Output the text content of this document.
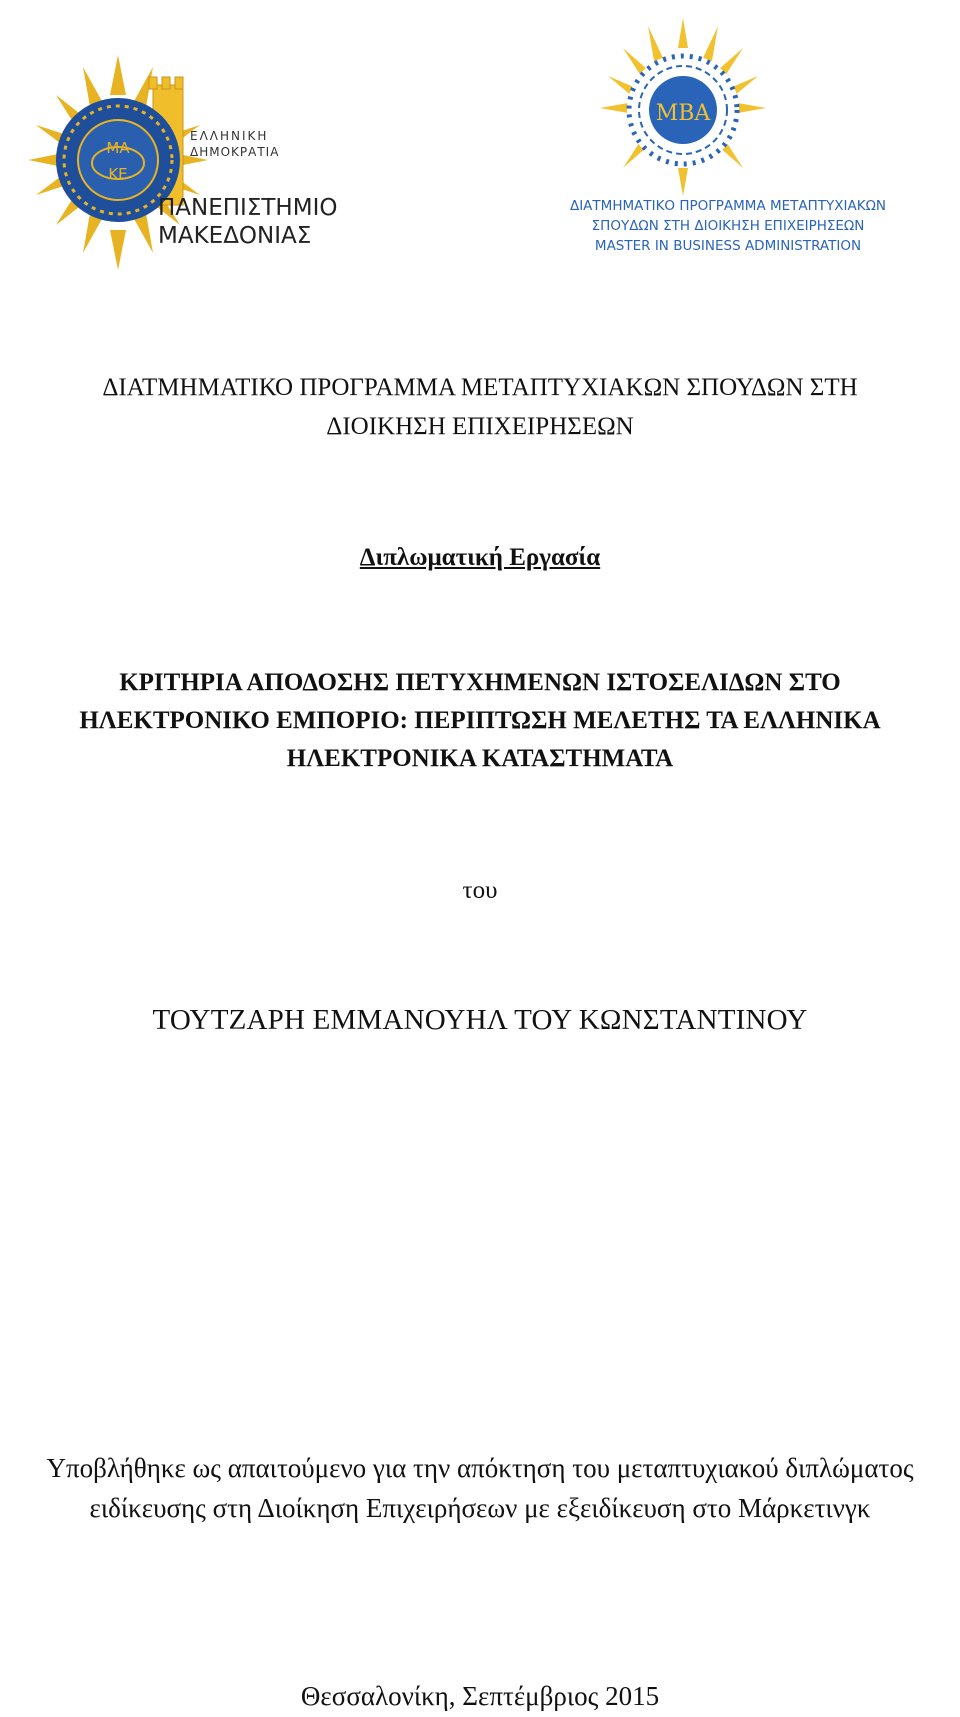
ΜΑ
ΚΕ
ΕΛΛΗΝΙΚΗ
ΔΗΜΟΚΡΑΤΙΑ
ΠΑΝΕΠΙΣΤΗΜΙΟ
ΜΑΚΕΔΟΝΙΑΣ
MBA
ΔΙΑΤΜΗΜΑΤΙΚΟ ΠΡΟΓΡΑΜΜΑ ΜΕΤΑΠΤΥΧΙΑΚΩΝ
ΣΠΟΥΔΩΝ ΣΤΗ ΔΙΟΙΚΗΣΗ ΕΠΙΧΕΙΡΗΣΕΩΝ
MASTER IN BUSINESS ADMINISTRATION
ΔΙΑΤΜΗΜΑΤΙΚΟ ΠΡΟΓΡΑΜΜΑ ΜΕΤΑΠΤΥΧΙΑΚΩΝ ΣΠΟΥΔΩΝ ΣΤΗ
ΔΙΟΙΚΗΣΗ ΕΠΙΧΕΙΡΗΣΕΩΝ
Διπλωματική Εργασία
ΚΡΙΤΗΡΙΑ ΑΠΟΔΟΣΗΣ ΠΕΤΥΧΗΜΕΝΩΝ ΙΣΤΟΣΕΛΙΔΩΝ ΣΤΟ
ΗΛΕΚΤΡΟΝΙΚΟ ΕΜΠΟΡΙΟ: ΠΕΡΙΠΤΩΣΗ ΜΕΛΕΤΗΣ ΤΑ ΕΛΛΗΝΙΚΑ
ΗΛΕΚΤΡΟΝΙΚΑ ΚΑΤΑΣΤΗΜΑΤΑ
του
ΤΟΥΤΖΑΡΗ ΕΜΜΑΝΟΥΗΛ ΤΟΥ ΚΩΝΣΤΑΝΤΙΝΟΥ
Υποβλήθηκε ως απαιτούμενο για την απόκτηση του μεταπτυχιακού διπλώματος
ειδίκευσης στη Διοίκηση Επιχειρήσεων με εξειδίκευση στο Μάρκετινγκ
Θεσσαλονίκη, Σεπτέμβριος 2015
